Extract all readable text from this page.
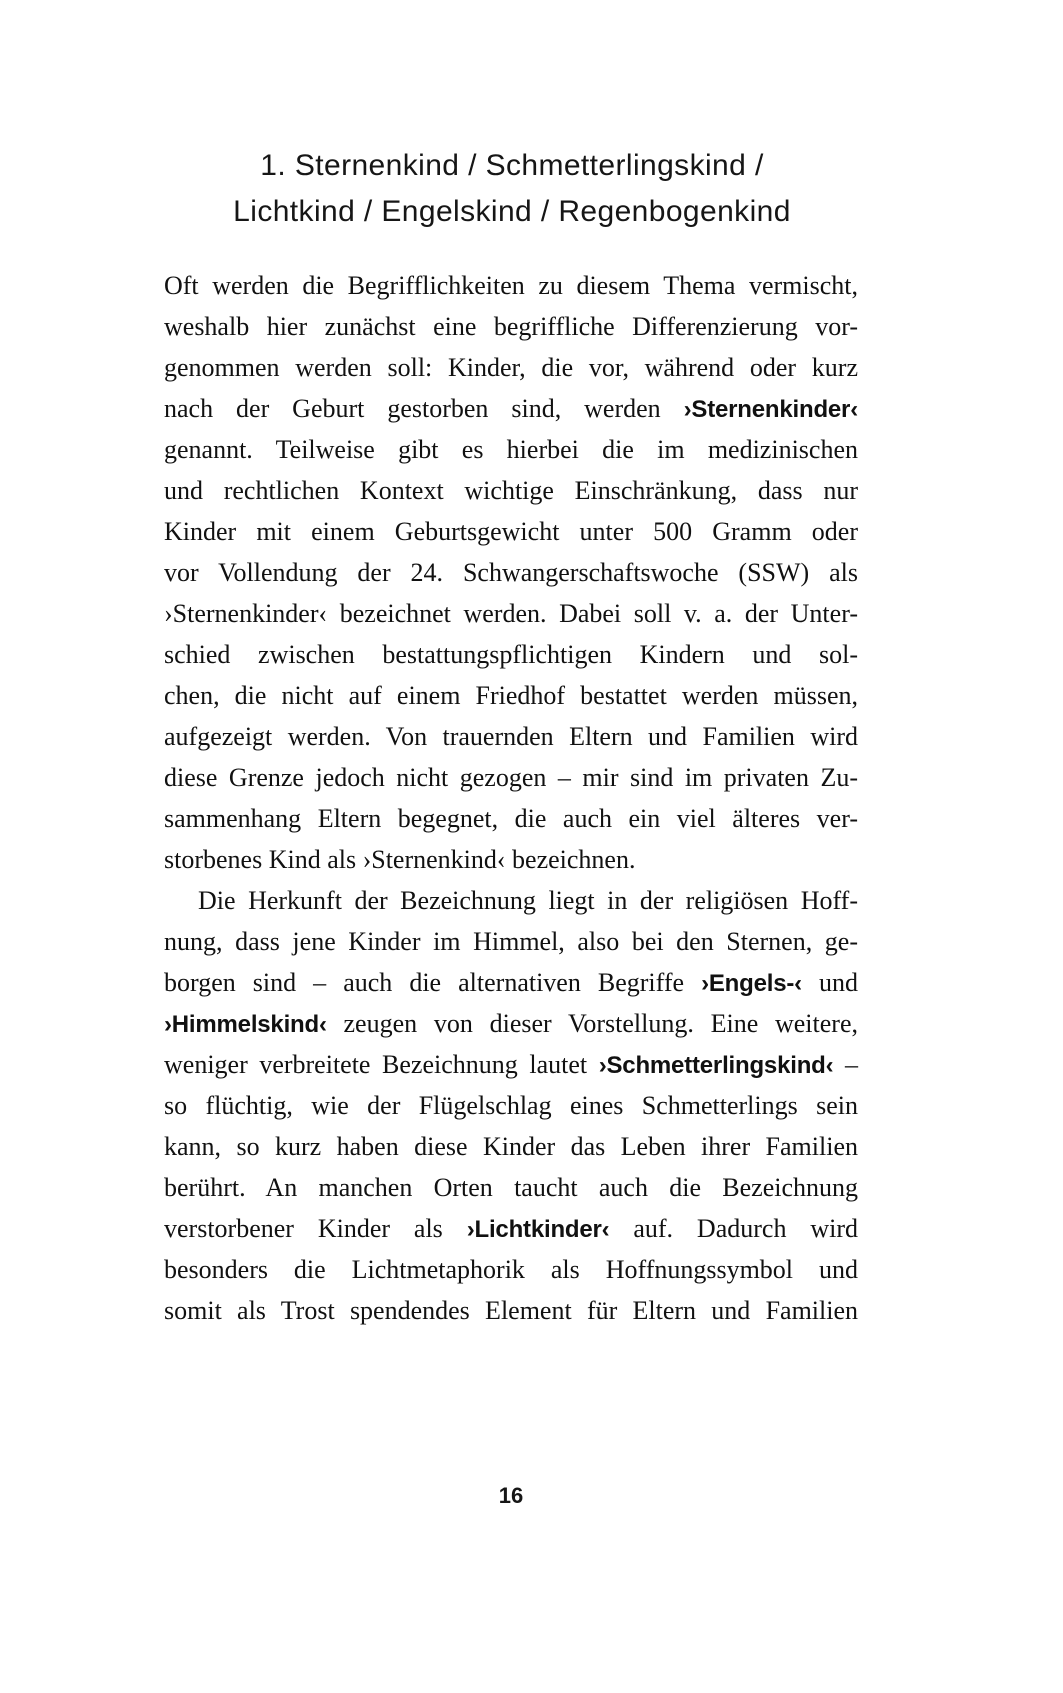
1. Sternenkind / Schmetterlingskind /
Lichtkind / Engelskind / Regenbogenkind
Oft werden die Begrifflichkeiten zu diesem Thema vermischt,
weshalb hier zunächst eine begriffliche Differenzierung vor-
genommen werden soll: Kinder, die vor, während oder kurz
nach der Geburt gestorben sind, werden ›Sternenkinder‹
genannt. Teilweise gibt es hierbei die im medizinischen
und rechtlichen Kontext wichtige Einschränkung, dass nur
Kinder mit einem Geburtsgewicht unter 500 Gramm oder
vor Vollendung der 24. Schwangerschaftswoche (SSW) als
›Sternenkinder‹ bezeichnet werden. Dabei soll v. a. der Unter-
schied zwischen bestattungspflichtigen Kindern und sol-
chen, die nicht auf einem Friedhof bestattet werden müssen,
aufgezeigt werden. Von trauernden Eltern und Familien wird
diese Grenze jedoch nicht gezogen – mir sind im privaten Zu-
sammenhang Eltern begegnet, die auch ein viel älteres ver-
storbenes Kind als ›Sternenkind‹ bezeichnen.
Die Herkunft der Bezeichnung liegt in der religiösen Hoff-
nung, dass jene Kinder im Himmel, also bei den Sternen, ge-
borgen sind – auch die alternativen Begriffe ›Engels-‹ und
›Himmelskind‹ zeugen von dieser Vorstellung. Eine weitere,
weniger verbreitete Bezeichnung lautet ›Schmetterlingskind‹ –
so flüchtig, wie der Flügelschlag eines Schmetterlings sein
kann, so kurz haben diese Kinder das Leben ihrer Familien
berührt. An manchen Orten taucht auch die Bezeichnung
verstorbener Kinder als ›Lichtkinder‹ auf. Dadurch wird
besonders die Lichtmetaphorik als Hoffnungssymbol und
somit als Trost spendendes Element für Eltern und Familien
16
